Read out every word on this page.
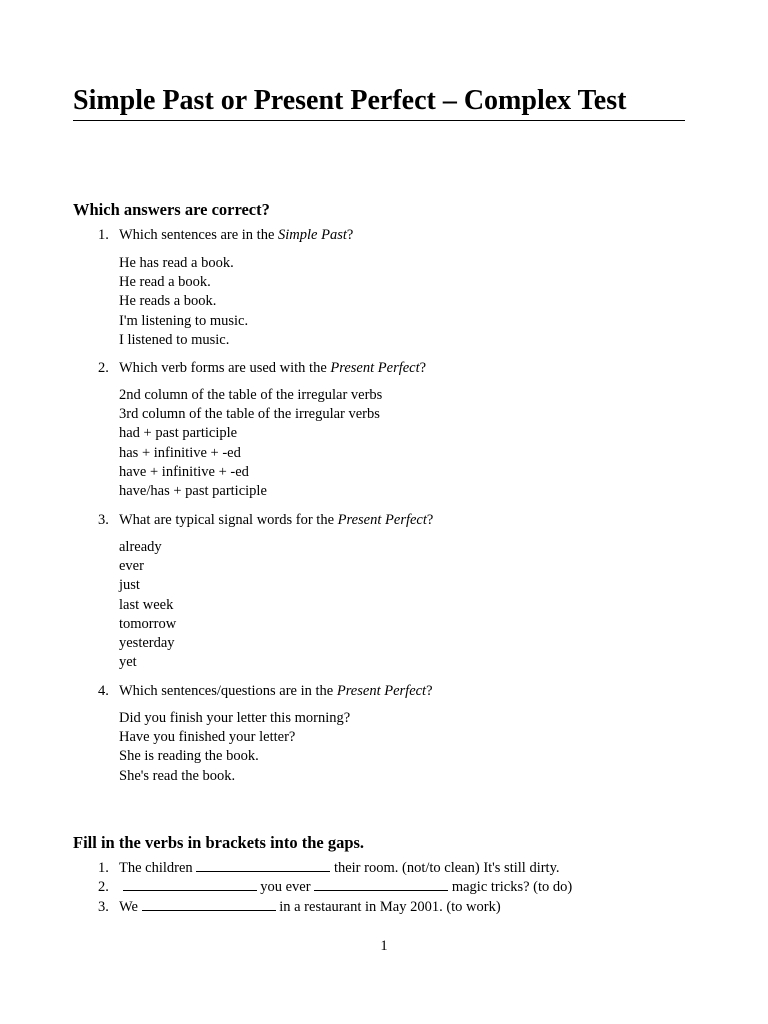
Simple Past or Present Perfect – Complex Test
Which answers are correct?
1. Which sentences are in the Simple Past?
He has read a book.
He read a book.
He reads a book.
I'm listening to music.
I listened to music.
2. Which verb forms are used with the Present Perfect?
2nd column of the table of the irregular verbs
3rd column of the table of the irregular verbs
had + past participle
has + infinitive + -ed
have + infinitive + -ed
have/has + past participle
3. What are typical signal words for the Present Perfect?
already
ever
just
last week
tomorrow
yesterday
yet
4. Which sentences/questions are in the Present Perfect?
Did you finish your letter this morning?
Have you finished your letter?
She is reading the book.
She's read the book.
Fill in the verbs in brackets into the gaps.
1. The children	their room. (not/to clean) It's still dirty.
2.	you ever	magic tricks? (to do)
3. We	in a restaurant in May 2001. (to work)
1
